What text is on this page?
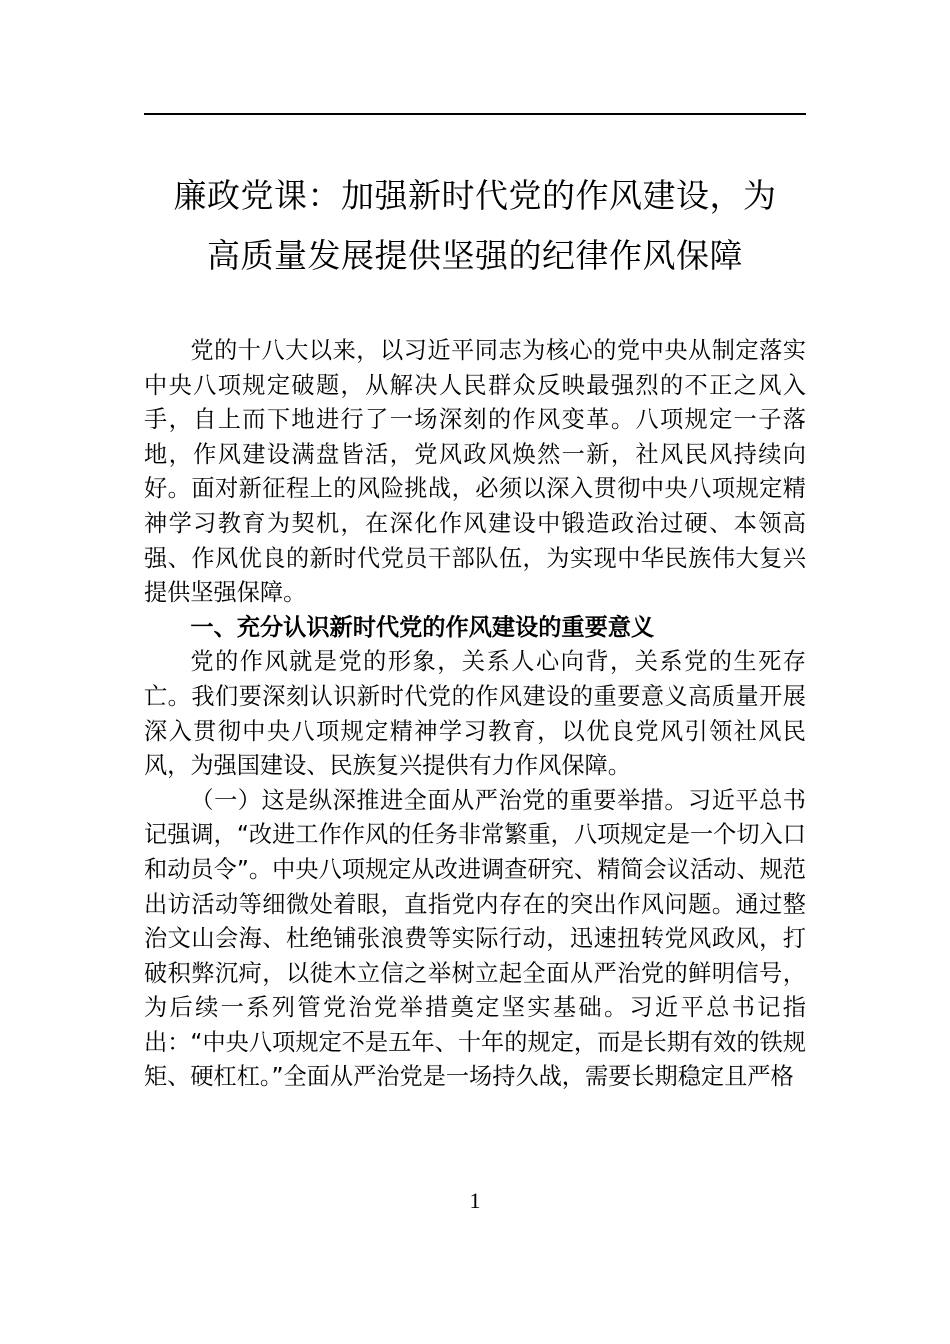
廉政党课：加强新时代党的作风建设，为
高质量发展提供坚强的纪律作风保障

党的十八大以来，以习近平同志为核心的党中央从制定落实中央八项规定破题，从解决人民群众反映最强烈的不正之风入手，自上而下地进行了一场深刻的作风变革。八项规定一子落地，作风建设满盘皆活，党风政风焕然一新，社风民风持续向好。面对新征程上的风险挑战，必须以深入贯彻中央八项规定精神学习教育为契机，在深化作风建设中锻造政治过硬、本领高强、作风优良的新时代党员干部队伍，为实现中华民族伟大复兴提供坚强保障。

一、充分认识新时代党的作风建设的重要意义

党的作风就是党的形象，关系人心向背，关系党的生死存亡。我们要深刻认识新时代党的作风建设的重要意义高质量开展深入贯彻中央八项规定精神学习教育，以优良党风引领社风民风，为强国建设、民族复兴提供有力作风保障。

（一）这是纵深推进全面从严治党的重要举措。习近平总书记强调，“改进工作作风的任务非常繁重，八项规定是一个切入口和动员令”。中央八项规定从改进调查研究、精简会议活动、规范出访活动等细微处着眼，直指党内存在的突出作风问题。通过整治文山会海、杜绝铺张浪费等实际行动，迅速扭转党风政风，打破积弊沉疴，以徙木立信之举树立起全面从严治党的鲜明信号，为后续一系列管党治党举措奠定坚实基础。习近平总书记指出：“中央八项规定不是五年、十年的规定，而是长期有效的铁规矩、硬杠杠。”全面从严治党是一场持久战，需要长期稳定且严格

1
